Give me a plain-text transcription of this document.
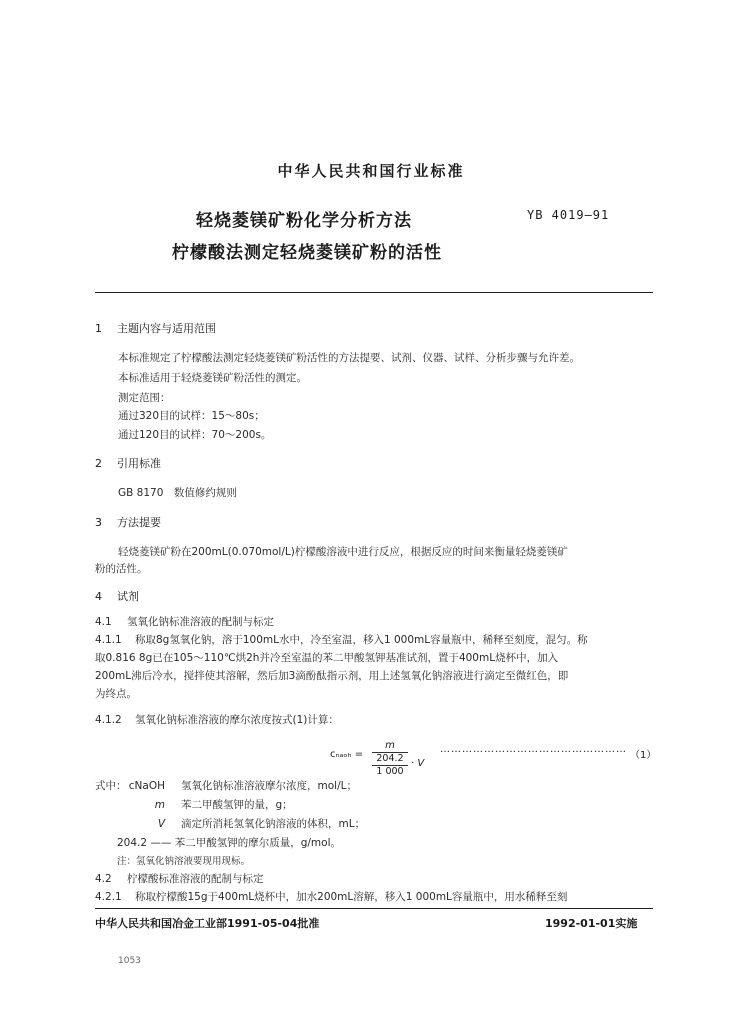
中华人民共和国行业标准
轻烧菱镁矿粉化学分析方法
柠檬酸法测定轻烧菱镁矿粉的活性
YB 4019—91
1 主题内容与适用范围
本标准规定了柠檬酸法测定轻烧菱镁矿粉活性的方法提要、试剂、仪器、试样、分析步骤与允许差。
本标准适用于轻烧菱镁矿粉活性的测定。
测定范围：
通过320目的试样：15～80s；
通过120目的试样：70～200s。
2 引用标准
GB 8170　数值修约规则
3 方法提要
轻烧菱镁矿粉在200mL(0.070mol/L)柠檬酸溶液中进行反应，根据反应的时间来衡量轻烧菱镁矿
粉的活性。
4 试剂
4.1 氢氧化钠标准溶液的配制与标定
4.1.1 称取8g氢氧化钠，溶于100mL水中，冷至室温，移入1 000mL容量瓶中，稀释至刻度，混匀。称
取0.816 8g已在105～110℃烘2h并冷至室温的苯二甲酸氢钾基准试剂，置于400mL烧杯中，加入
200mL沸后冷水，搅拌使其溶解，然后加3滴酚酞指示剂，用上述氢氧化钠溶液进行滴定至微红色，即
为终点。
4.1.2 氢氧化钠标准溶液的摩尔浓度按式(1)计算：
cₙₐₒₕ =
m
204.2
1 000
· V
……………………………………………
（1）
式中： cNaOH 氢氧化钠标准溶液摩尔浓度，mol/L；
m 苯二甲酸氢钾的量，g；
V 滴定所消耗氢氧化钠溶液的体积，mL；
204.2 —— 苯二甲酸氢钾的摩尔质量，g/mol。
注：氢氧化钠溶液要现用现标。
4.2 柠檬酸标准溶液的配制与标定
4.2.1 称取柠檬酸15g于400mL烧杯中，加水200mL溶解，移入1 000mL容量瓶中，用水稀释至刻
中华人民共和国冶金工业部1991-05-04批准	1992-01-01实施
1053
